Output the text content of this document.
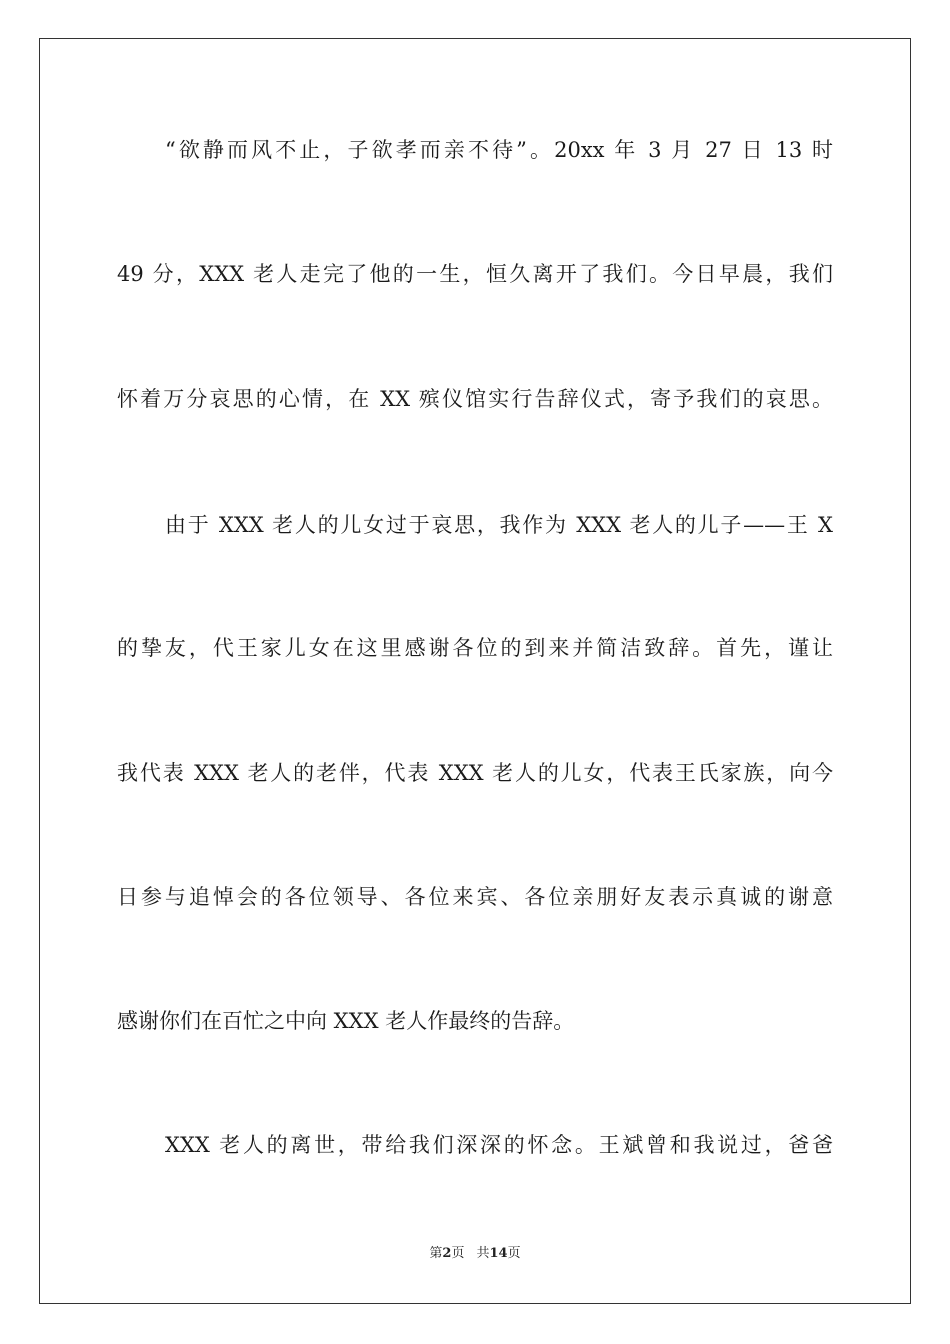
“欲静而风不止，子欲孝而亲不待”。20xx 年 3 月 27 日 13 时
49 分，XXX 老人走完了他的一生，恒久离开了我们。今日早晨，我们
怀着万分哀思的心情，在 XX 殡仪馆实行告辞仪式，寄予我们的哀思。
由于 XXX 老人的儿女过于哀思，我作为 XXX 老人的儿子——王 X
的挚友，代王家儿女在这里感谢各位的到来并简洁致辞。首先，谨让
我代表 XXX 老人的老伴，代表 XXX 老人的儿女，代表王氏家族，向今
日参与追悼会的各位领导、各位来宾、各位亲朋好友表示真诚的谢意
感谢你们在百忙之中向 XXX 老人作最终的告辞。
XXX 老人的离世，带给我们深深的怀念。王斌曾和我说过，爸爸
第2页 共14页
